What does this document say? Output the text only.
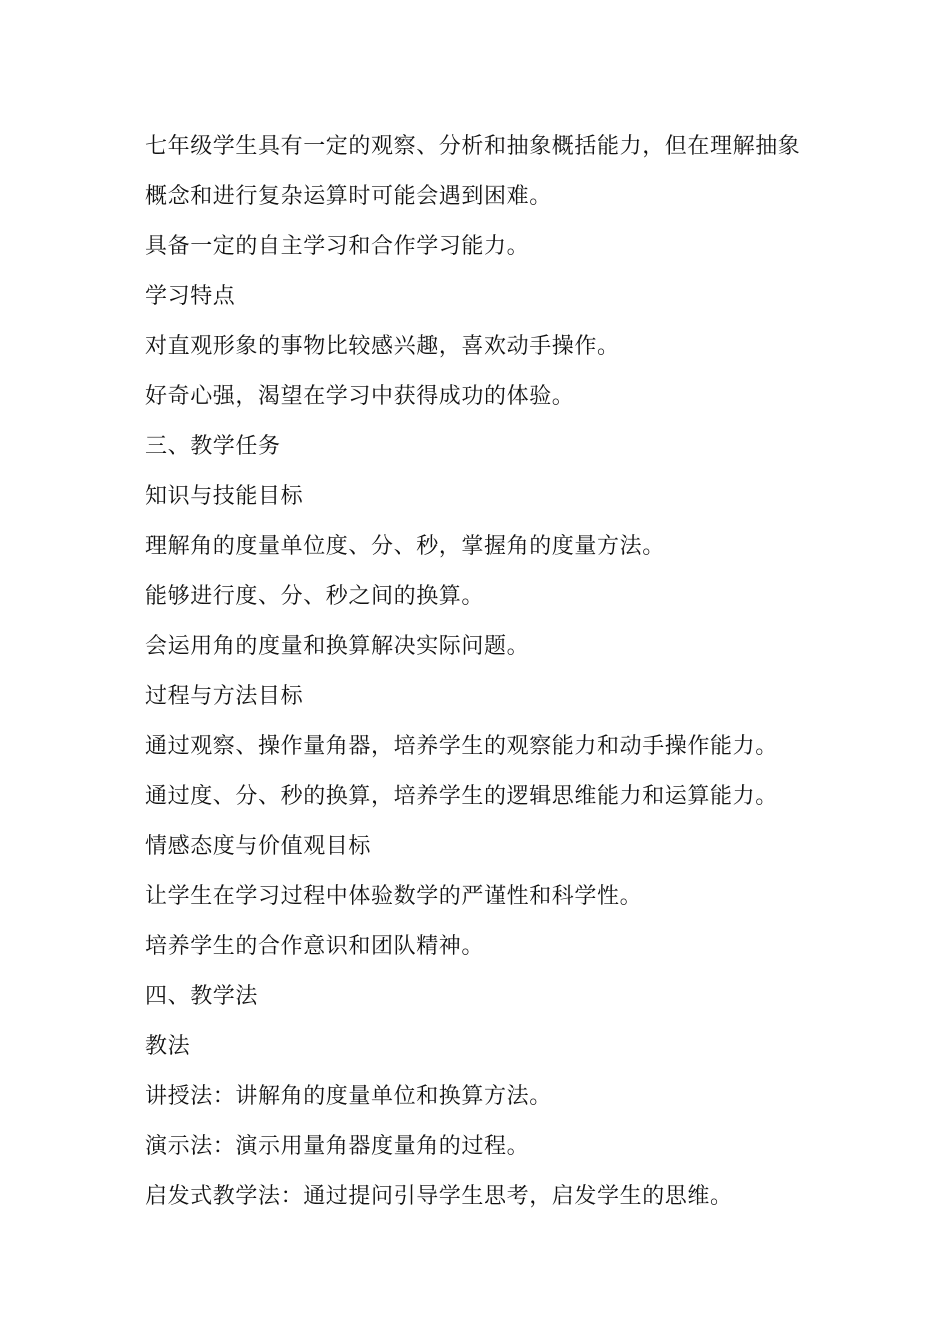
七年级学生具有一定的观察、分析和抽象概括能力，但在理解抽象
概念和进行复杂运算时可能会遇到困难。
具备一定的自主学习和合作学习能力。
学习特点
对直观形象的事物比较感兴趣，喜欢动手操作。
好奇心强，渴望在学习中获得成功的体验。
三、教学任务
知识与技能目标
理解角的度量单位度、分、秒，掌握角的度量方法。
能够进行度、分、秒之间的换算。
会运用角的度量和换算解决实际问题。
过程与方法目标
通过观察、操作量角器，培养学生的观察能力和动手操作能力。
通过度、分、秒的换算，培养学生的逻辑思维能力和运算能力。
情感态度与价值观目标
让学生在学习过程中体验数学的严谨性和科学性。
培养学生的合作意识和团队精神。
四、教学法
教法
讲授法：讲解角的度量单位和换算方法。
演示法：演示用量角器度量角的过程。
启发式教学法：通过提问引导学生思考，启发学生的思维。
